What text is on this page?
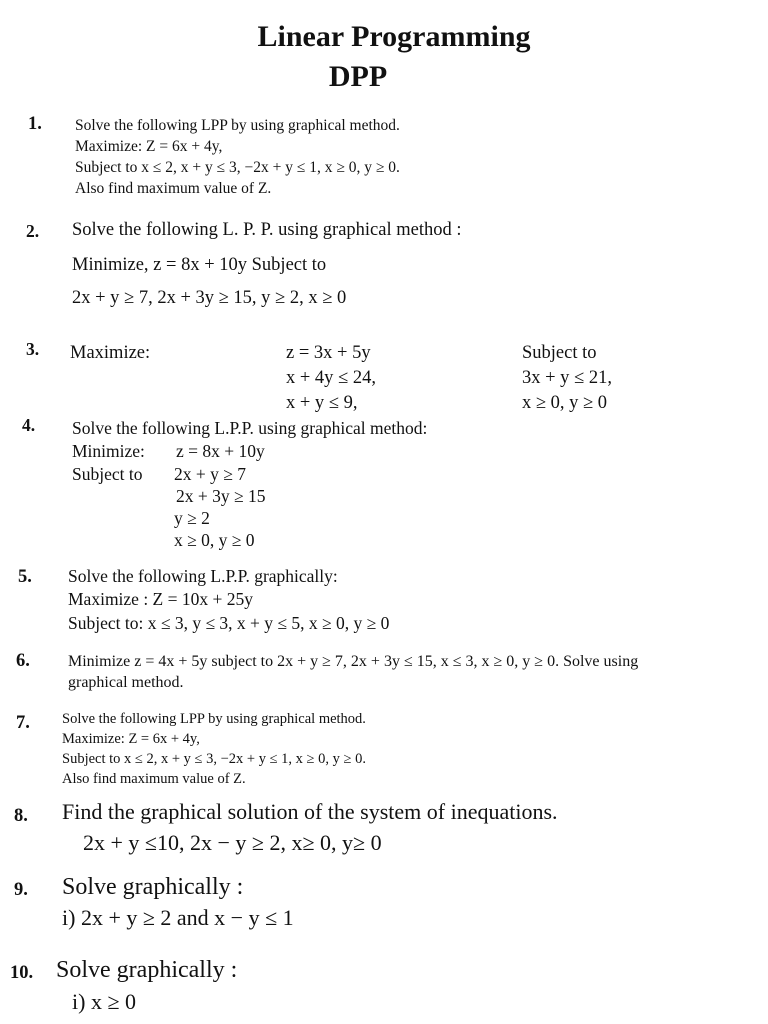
Linear Programming
DPP
1. Solve the following LPP by using graphical method.
Maximize: Z = 6x + 4y,
Subject to x ≤ 2, x + y ≤ 3, −2x + y ≤ 1, x ≥ 0, y ≥ 0.
Also find maximum value of Z.
2. Solve the following L. P. P. using graphical method :
Minimize, z = 8x + 10y Subject to
2x + y ≥ 7, 2x + 3y ≥ 15, y ≥ 2, x ≥ 0
3. Maximize:	z = 3x + 5y
x + 4y ≤ 24,
x + y ≤ 9,
Subject to
3x + y ≤ 21,
x ≥ 0, y ≥ 0
4. Solve the following L.P.P. using graphical method:
Minimize: z = 8x + 10y
Subject to 2x + y ≥ 7
2x + 3y ≥ 15
y ≥ 2
x ≥ 0, y ≥ 0
5. Solve the following L.P.P. graphically:
Maximize : Z = 10x + 25y
Subject to: x ≤ 3, y ≤ 3, x + y ≤ 5, x ≥ 0, y ≥ 0
6. Minimize z = 4x + 5y subject to 2x + y ≥ 7, 2x + 3y ≤ 15, x ≤ 3, x ≥ 0, y ≥ 0. Solve using
graphical method.
7. Solve the following LPP by using graphical method.
Maximize: Z = 6x + 4y,
Subject to x ≤ 2, x + y ≤ 3, −2x + y ≤ 1, x ≥ 0, y ≥ 0.
Also find maximum value of Z.
8. Find the graphical solution of the system of inequations.
2x + y ≤10, 2x − y ≥ 2, x≥ 0, y≥ 0
9. Solve graphically :
i) 2x + y ≥ 2 and x − y ≤ 1
10. Solve graphically :
i) x ≥ 0
